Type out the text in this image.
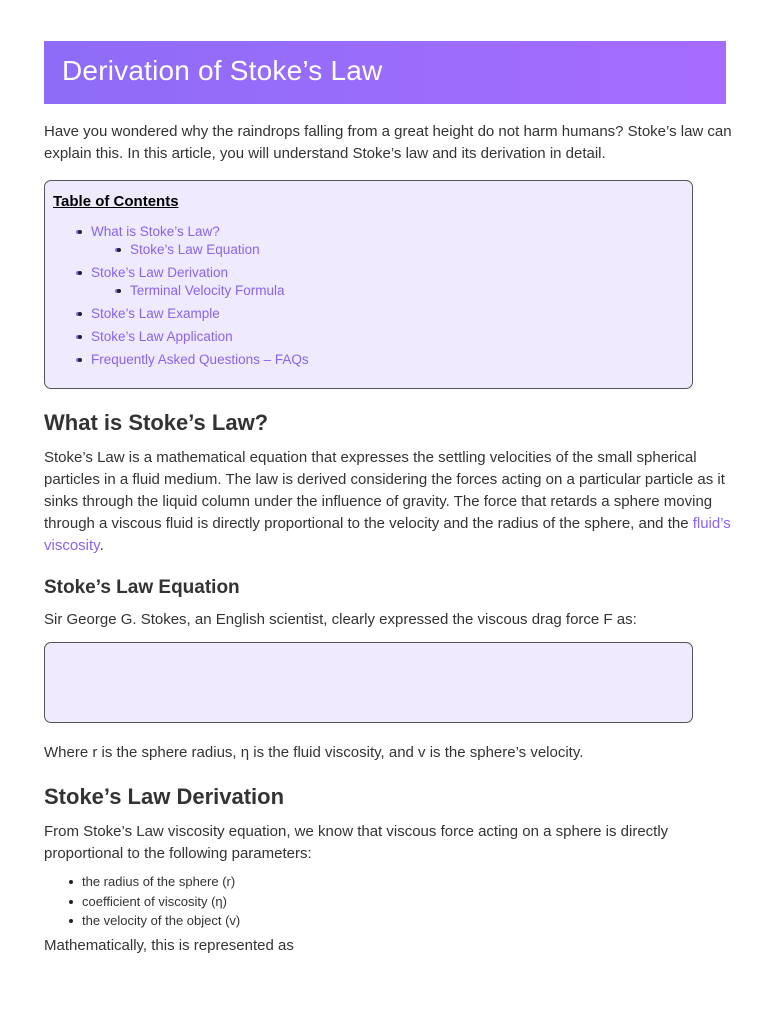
Derivation of Stoke’s Law

Have you wondered why the raindrops falling from a great height do not harm humans? Stoke’s law can explain this. In this article, you will understand Stoke’s law and its derivation in detail.

Table of Contents
• What is Stoke’s Law?
• Stoke’s Law Equation
• Stoke’s Law Derivation
• Terminal Velocity Formula
• Stoke’s Law Example
• Stoke’s Law Application
• Frequently Asked Questions – FAQs
What is Stoke’s Law?

Stoke’s Law is a mathematical equation that expresses the settling velocities of the small spherical particles in a fluid medium. The law is derived considering the forces acting on a particular particle as it sinks through the liquid column under the influence of gravity. The force that retards a sphere moving through a viscous fluid is directly proportional to the velocity and the radius of the sphere, and the fluid’s viscosity.

Stoke’s Law Equation

Sir George G. Stokes, an English scientist, clearly expressed the viscous drag force F as:

Where r is the sphere radius, η is the fluid viscosity, and v is the sphere’s velocity.

Stoke’s Law Derivation

From Stoke’s Law viscosity equation, we know that viscous force acting on a sphere is directly proportional to the following parameters:

the radius of the sphere (r)
coefficient of viscosity (η)
the velocity of the object (v)

Mathematically, this is represented as
